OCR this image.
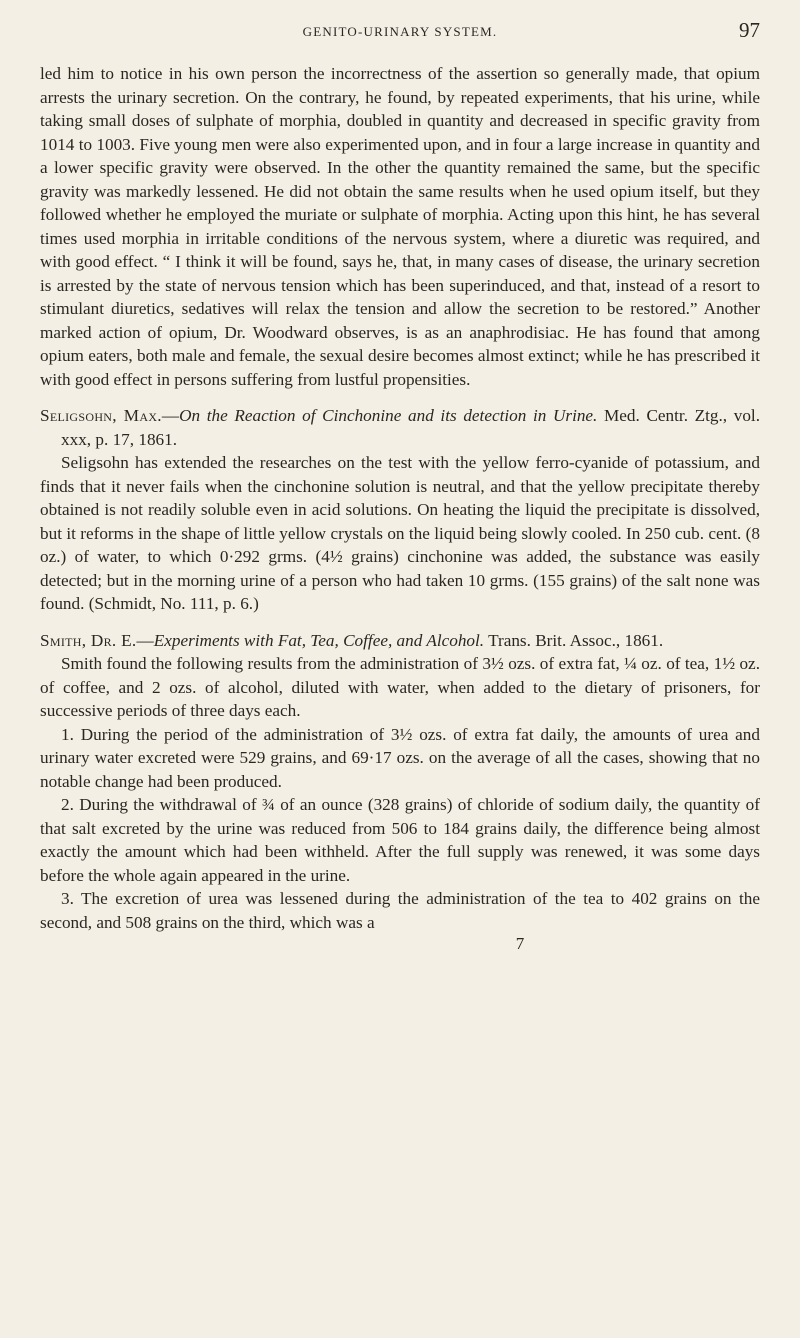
GENITO-URINARY SYSTEM.	97

led him to notice in his own person the incorrectness of the assertion so generally made, that opium arrests the urinary secretion. On the contrary, he found, by repeated experiments, that his urine, while taking small doses of sulphate of morphia, doubled in quantity and decreased in specific gravity from 1014 to 1003. Five young men were also experimented upon, and in four a large increase in quantity and a lower specific gravity were observed. In the other the quantity remained the same, but the specific gravity was markedly lessened. He did not obtain the same results when he used opium itself, but they followed whether he employed the muriate or sulphate of morphia. Acting upon this hint, he has several times used morphia in irritable conditions of the nervous system, where a diuretic was required, and with good effect. “ I think it will be found, says he, that, in many cases of disease, the urinary secretion is arrested by the state of nervous tension which has been superinduced, and that, instead of a resort to stimulant diuretics, sedatives will relax the tension and allow the secretion to be restored.” Another marked action of opium, Dr. Woodward observes, is as an anaphrodisiac. He has found that among opium eaters, both male and female, the sexual desire becomes almost extinct; while he has prescribed it with good effect in persons suffering from lustful propensities.

Seligsohn, Max.—On the Reaction of Cinchonine and its detection in Urine. Med. Centr. Ztg., vol. xxx, p. 17, 1861.

Seligsohn has extended the researches on the test with the yellow ferro-cyanide of potassium, and finds that it never fails when the cinchonine solution is neutral, and that the yellow precipitate thereby obtained is not readily soluble even in acid solutions. On heating the liquid the precipitate is dissolved, but it reforms in the shape of little yellow crystals on the liquid being slowly cooled. In 250 cub. cent. (8 oz.) of water, to which 0·292 grms. (4½ grains) cinchonine was added, the substance was easily detected; but in the morning urine of a person who had taken 10 grms. (155 grains) of the salt none was found. (Schmidt, No. 111, p. 6.)

Smith, Dr. E.—Experiments with Fat, Tea, Coffee, and Alcohol. Trans. Brit. Assoc., 1861.

Smith found the following results from the administration of 3½ ozs. of extra fat, ¼ oz. of tea, 1½ oz. of coffee, and 2 ozs. of alcohol, diluted with water, when added to the dietary of prisoners, for successive periods of three days each.

1. During the period of the administration of 3½ ozs. of extra fat daily, the amounts of urea and urinary water excreted were 529 grains, and 69·17 ozs. on the average of all the cases, showing that no notable change had been produced.

2. During the withdrawal of ¾ of an ounce (328 grains) of chloride of sodium daily, the quantity of that salt excreted by the urine was reduced from 506 to 184 grains daily, the difference being almost exactly the amount which had been withheld. After the full supply was renewed, it was some days before the whole again appeared in the urine.

3. The excretion of urea was lessened during the administration of the tea to 402 grains on the second, and 508 grains on the third, which was a

7
